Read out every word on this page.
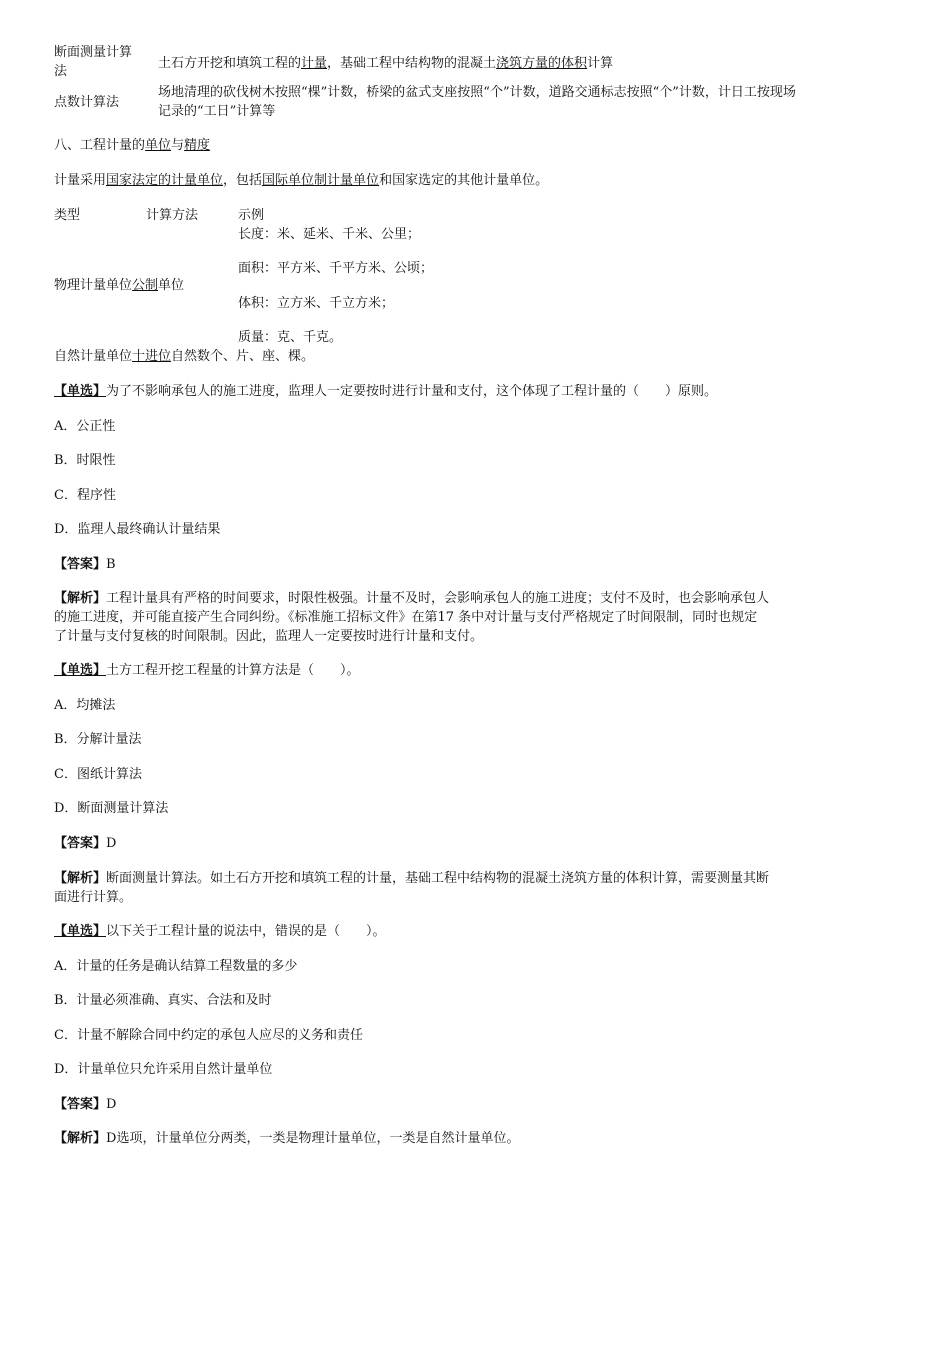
断面测量计算
法
土石方开挖和填筑工程的计量，基础工程中结构物的混凝土浇筑方量的体积计算
点数计算法
场地清理的砍伐树木按照“棵”计数，桥梁的盆式支座按照“个”计数，道路交通标志按照“个”计数，计日工按现场
记录的“工日”计算等
八、工程计量的单位与精度
计量采用国家法定的计量单位，包括国际单位制计量单位和国家选定的其他计量单位。
类型	计算方法	示例
长度：米、延米、千米、公里；
面积：平方米、千平方米、公顷；
物理计量单位公制单位
体积：立方米、千立方米；
质量：克、千克。
自然计量单位十进位自然数个、片、座、棵。
【单选】为了不影响承包人的施工进度，监理人一定要按时进行计量和支付，这个体现了工程计量的（　　）原则。
A．公正性
B．时限性
C．程序性
D．监理人最终确认计量结果
【答案】B
【解析】工程计量具有严格的时间要求，时限性极强。计量不及时，会影响承包人的施工进度；支付不及时，也会影响承包人
的施工进度，并可能直接产生合同纠纷。《标准施工招标文件》在第17 条中对计量与支付严格规定了时间限制，同时也规定
了计量与支付复核的时间限制。因此，监理人一定要按时进行计量和支付。
【单选】土方工程开挖工程量的计算方法是（　　）。
A．均摊法
B．分解计量法
C．图纸计算法
D．断面测量计算法
【答案】D
【解析】断面测量计算法。如土石方开挖和填筑工程的计量，基础工程中结构物的混凝土浇筑方量的体积计算，需要测量其断
面进行计算。
【单选】以下关于工程计量的说法中，错误的是（　　）。
A．计量的任务是确认结算工程数量的多少
B．计量必须准确、真实、合法和及时
C．计量不解除合同中约定的承包人应尽的义务和责任
D．计量单位只允许采用自然计量单位
【答案】D
【解析】D选项，计量单位分两类，一类是物理计量单位，一类是自然计量单位。
